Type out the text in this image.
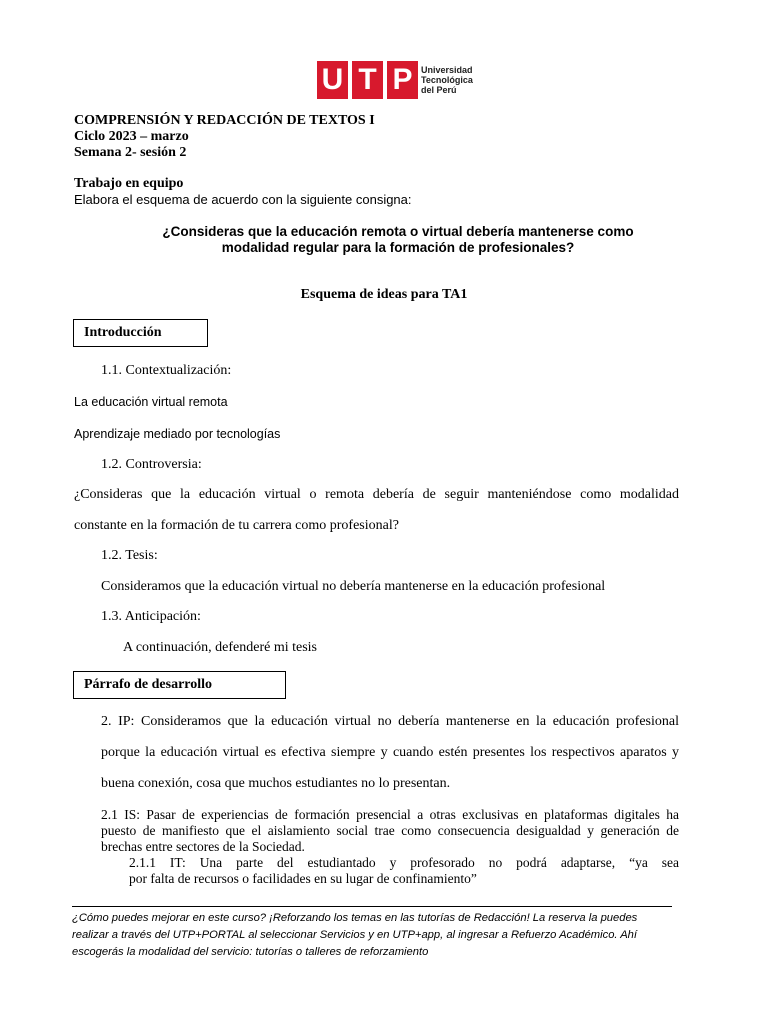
U T P Universidad
Tecnológica
del Perú
COMPRENSIÓN Y REDACCIÓN DE TEXTOS I
Ciclo 2023 – marzo
Semana 2- sesión 2
Trabajo en equipo
Elabora el esquema de acuerdo con la siguiente consigna:
¿Consideras que la educación remota o virtual debería mantenerse como
modalidad regular para la formación de profesionales?
Esquema de ideas para TA1
Introducción
1.1. Contextualización:
La educación virtual remota
Aprendizaje mediado por tecnologías
1.2. Controversia:
¿Consideras que la educación virtual o remota debería de seguir manteniéndose como modalidad
constante en la formación de tu carrera como profesional?
1.2. Tesis:
Consideramos que la educación virtual no debería mantenerse en la educación profesional
1.3. Anticipación:
A continuación, defenderé mi tesis
Párrafo de desarrollo
2. IP: Consideramos que la educación virtual no debería mantenerse en la educación profesional
porque la educación virtual es efectiva siempre y cuando estén presentes los respectivos aparatos y
buena conexión, cosa que muchos estudiantes no lo presentan.
2.1 IS: Pasar de experiencias de formación presencial a otras exclusivas en plataformas digitales ha
puesto de manifiesto que el aislamiento social trae como consecuencia desigualdad y generación de
brechas entre sectores de la Sociedad.
2.1.1 IT: Una parte del estudiantado y profesorado no podrá adaptarse, “ya sea
por falta de recursos o facilidades en su lugar de confinamiento”
¿Cómo puedes mejorar en este curso? ¡Reforzando los temas en las tutorías de Redacción! La reserva la puedes
realizar a través del UTP+PORTAL al seleccionar Servicios y en UTP+app, al ingresar a Refuerzo Académico. Ahí
escogerás la modalidad del servicio: tutorías o talleres de reforzamiento
